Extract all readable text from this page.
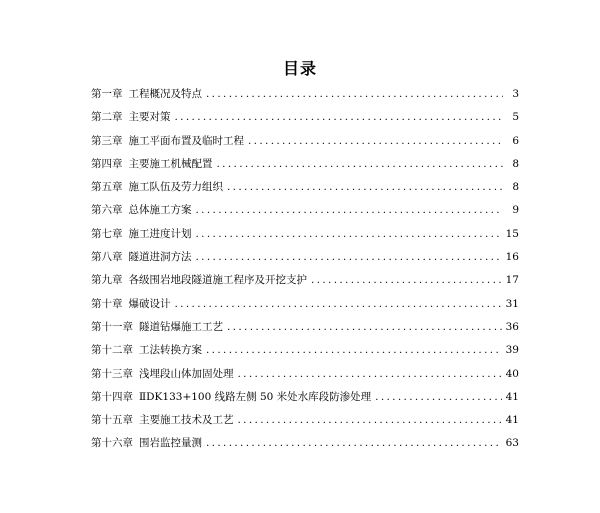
目录
第一章 工程概况及特点 . . .	3
第二章 主要对策 . . .	5
第三章 施工平面布置及临时工程 . . .	6
第四章 主要施工机械配置 . . .	8
第五章 施工队伍及劳力组织 . . .	8
第六章 总体施工方案 . . .	9
第七章 施工进度计划 . . .	15
第八章 隧道进洞方法 . . .	16
第九章 各级围岩地段隧道施工程序及开挖支护 . . .	17
第十章 爆破设计 . . .	31
第十一章 隧道钻爆施工工艺 . . .	36
第十二章 工法转换方案 . . .	39
第十三章 浅埋段山体加固处理 . . .	40
第十四章 ⅡDK133+100 线路左侧 50 米处水库段防渗处理 . . .	41
第十五章 主要施工技术及工艺 . . .	41
第十六章 围岩监控量测 . . .	63
